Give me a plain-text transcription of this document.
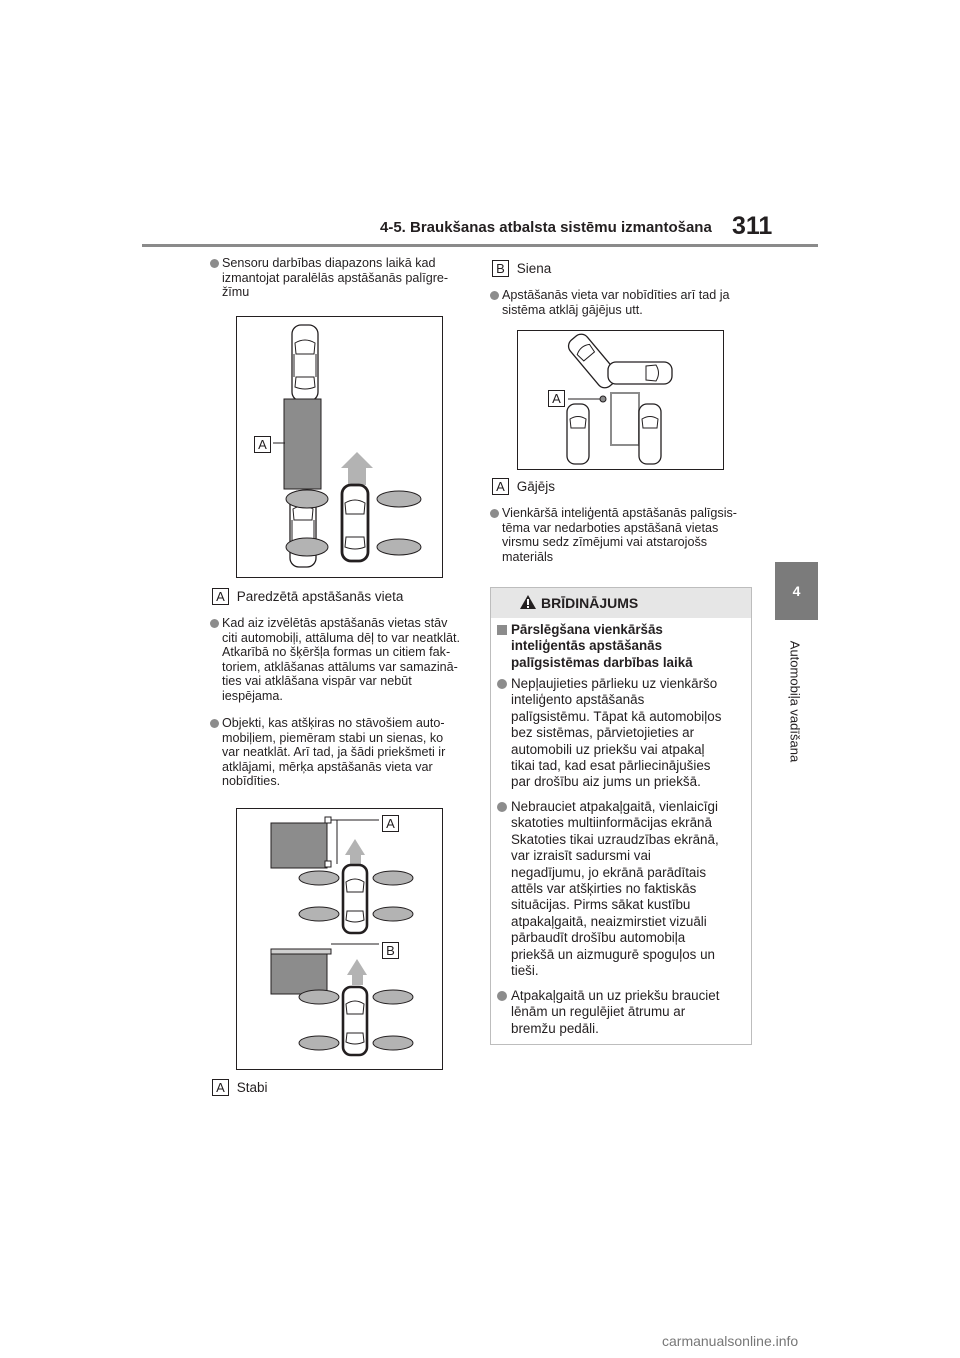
4-5. Braukšanas atbalsta sistēmu izmantošana 311
4
Automobiļa vadīšana
Sensoru darbības diapazons laikā kad
izmantojat paralēlās apstāšanās palīgre-
žīmu
A
A Paredzētā apstāšanās vieta
Kad aiz izvēlētās apstāšanās vietas stāv
citi automobiļi, attāluma dēļ to var neatklāt.
Atkarībā no šķēršļa formas un citiem fak-
toriem, atklāšanas attālums var samazinā-
ties vai atklāšana vispār var nebūt
iespējama.
Objekti, kas atšķiras no stāvošiem auto-
mobiļiem, piemēram stabi un sienas, ko
var neatklāt. Arī tad, ja šādi priekšmeti ir
atklājami, mērķa apstāšanās vieta var
nobīdīties.
A
B
A Stabi
B Siena
Apstāšanās vieta var nobīdīties arī tad ja
sistēma atklāj gājējus utt.
A
A Gājējs
Vienkāršā inteliģentā apstāšanās palīgsis-
tēma var nedarboties apstāšanā vietas
virsmu sedz zīmējumi vai atstarojošs
materiāls
BRĪDINĀJUMS
Pārslēgšana vienkāršās
inteliģentās apstāšanās
palīgsistēmas darbības laikā
Nepļaujieties pārlieku uz vienkāršo
inteliģento apstāšanās
palīgsistēmu. Tāpat kā automobiļos
bez sistēmas, pārvietojieties ar
automobili uz priekšu vai atpakaļ
tikai tad, kad esat pārliecinājušies
par drošību aiz jums un priekšā.
Nebrauciet atpakaļgaitā, vienlaicīgi
skatoties multiinformācijas ekrānā
Skatoties tikai uzraudzības ekrānā,
var izraisīt sadursmi vai
negadījumu, jo ekrānā parādītais
attēls var atšķirties no faktiskās
situācijas. Pirms sākat kustību
atpakaļgaitā, neaizmirstiet vizuāli
pārbaudīt drošību automobiļa
priekšā un aizmugurē spoguļos un
tieši.
Atpakaļgaitā un uz priekšu brauciet
lēnām un regulējiet ātrumu ar
bremžu pedāli.
carmanualsonline.info
